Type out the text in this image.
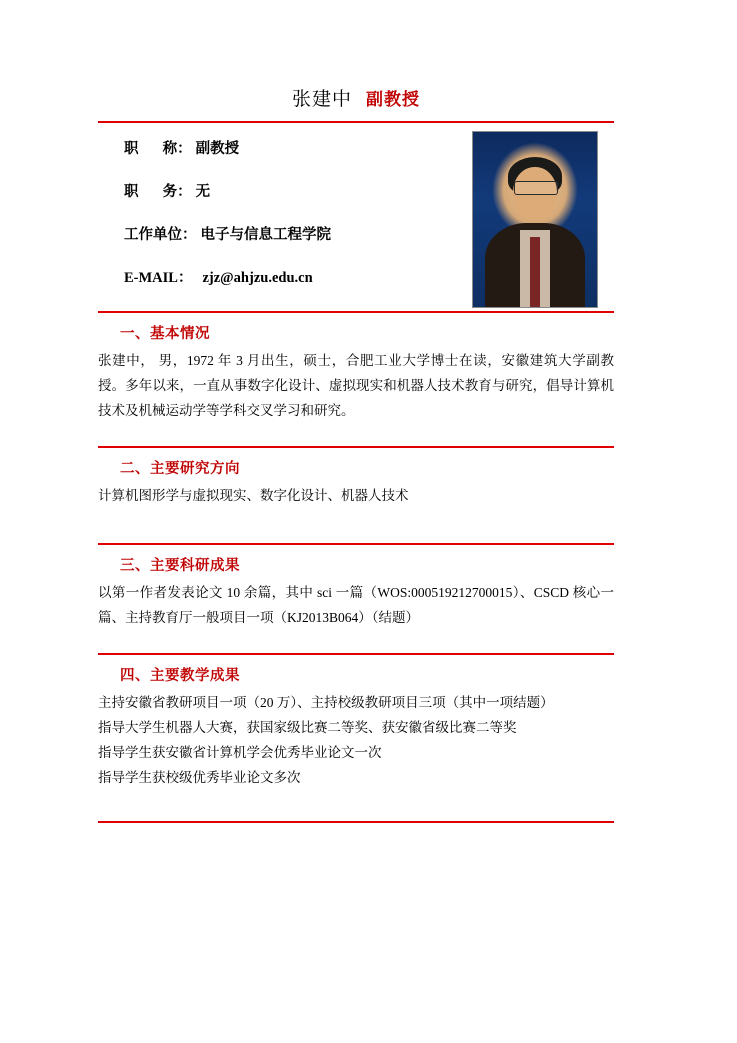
张建中 副教授
职      称： 副教授
职      务： 无
工作单位： 电子与信息工程学院
E-MAIL： zjz@ahjzu.edu.cn
一、基本情况

张建中， 男，1972 年 3 月出生，硕士，合肥工业大学博士在读，安徽建筑大学副教授。多年以来，一直从事数字化设计、虚拟现实和机器人技术教育与研究，倡导计算机技术及机械运动学等学科交叉学习和研究。

二、主要研究方向

计算机图形学与虚拟现实、数字化设计、机器人技术

三、主要科研成果

以第一作者发表论文 10 余篇，其中 sci 一篇（WOS:000519212700015）、CSCD 核心一篇、主持教育厅一般项目一项（KJ2013B064）（结题）

四、主要教学成果

主持安徽省教研项目一项（20 万）、主持校级教研项目三项（其中一项结题）

指导大学生机器人大赛，获国家级比赛二等奖、获安徽省级比赛二等奖

指导学生获安徽省计算机学会优秀毕业论文一次

指导学生获校级优秀毕业论文多次
